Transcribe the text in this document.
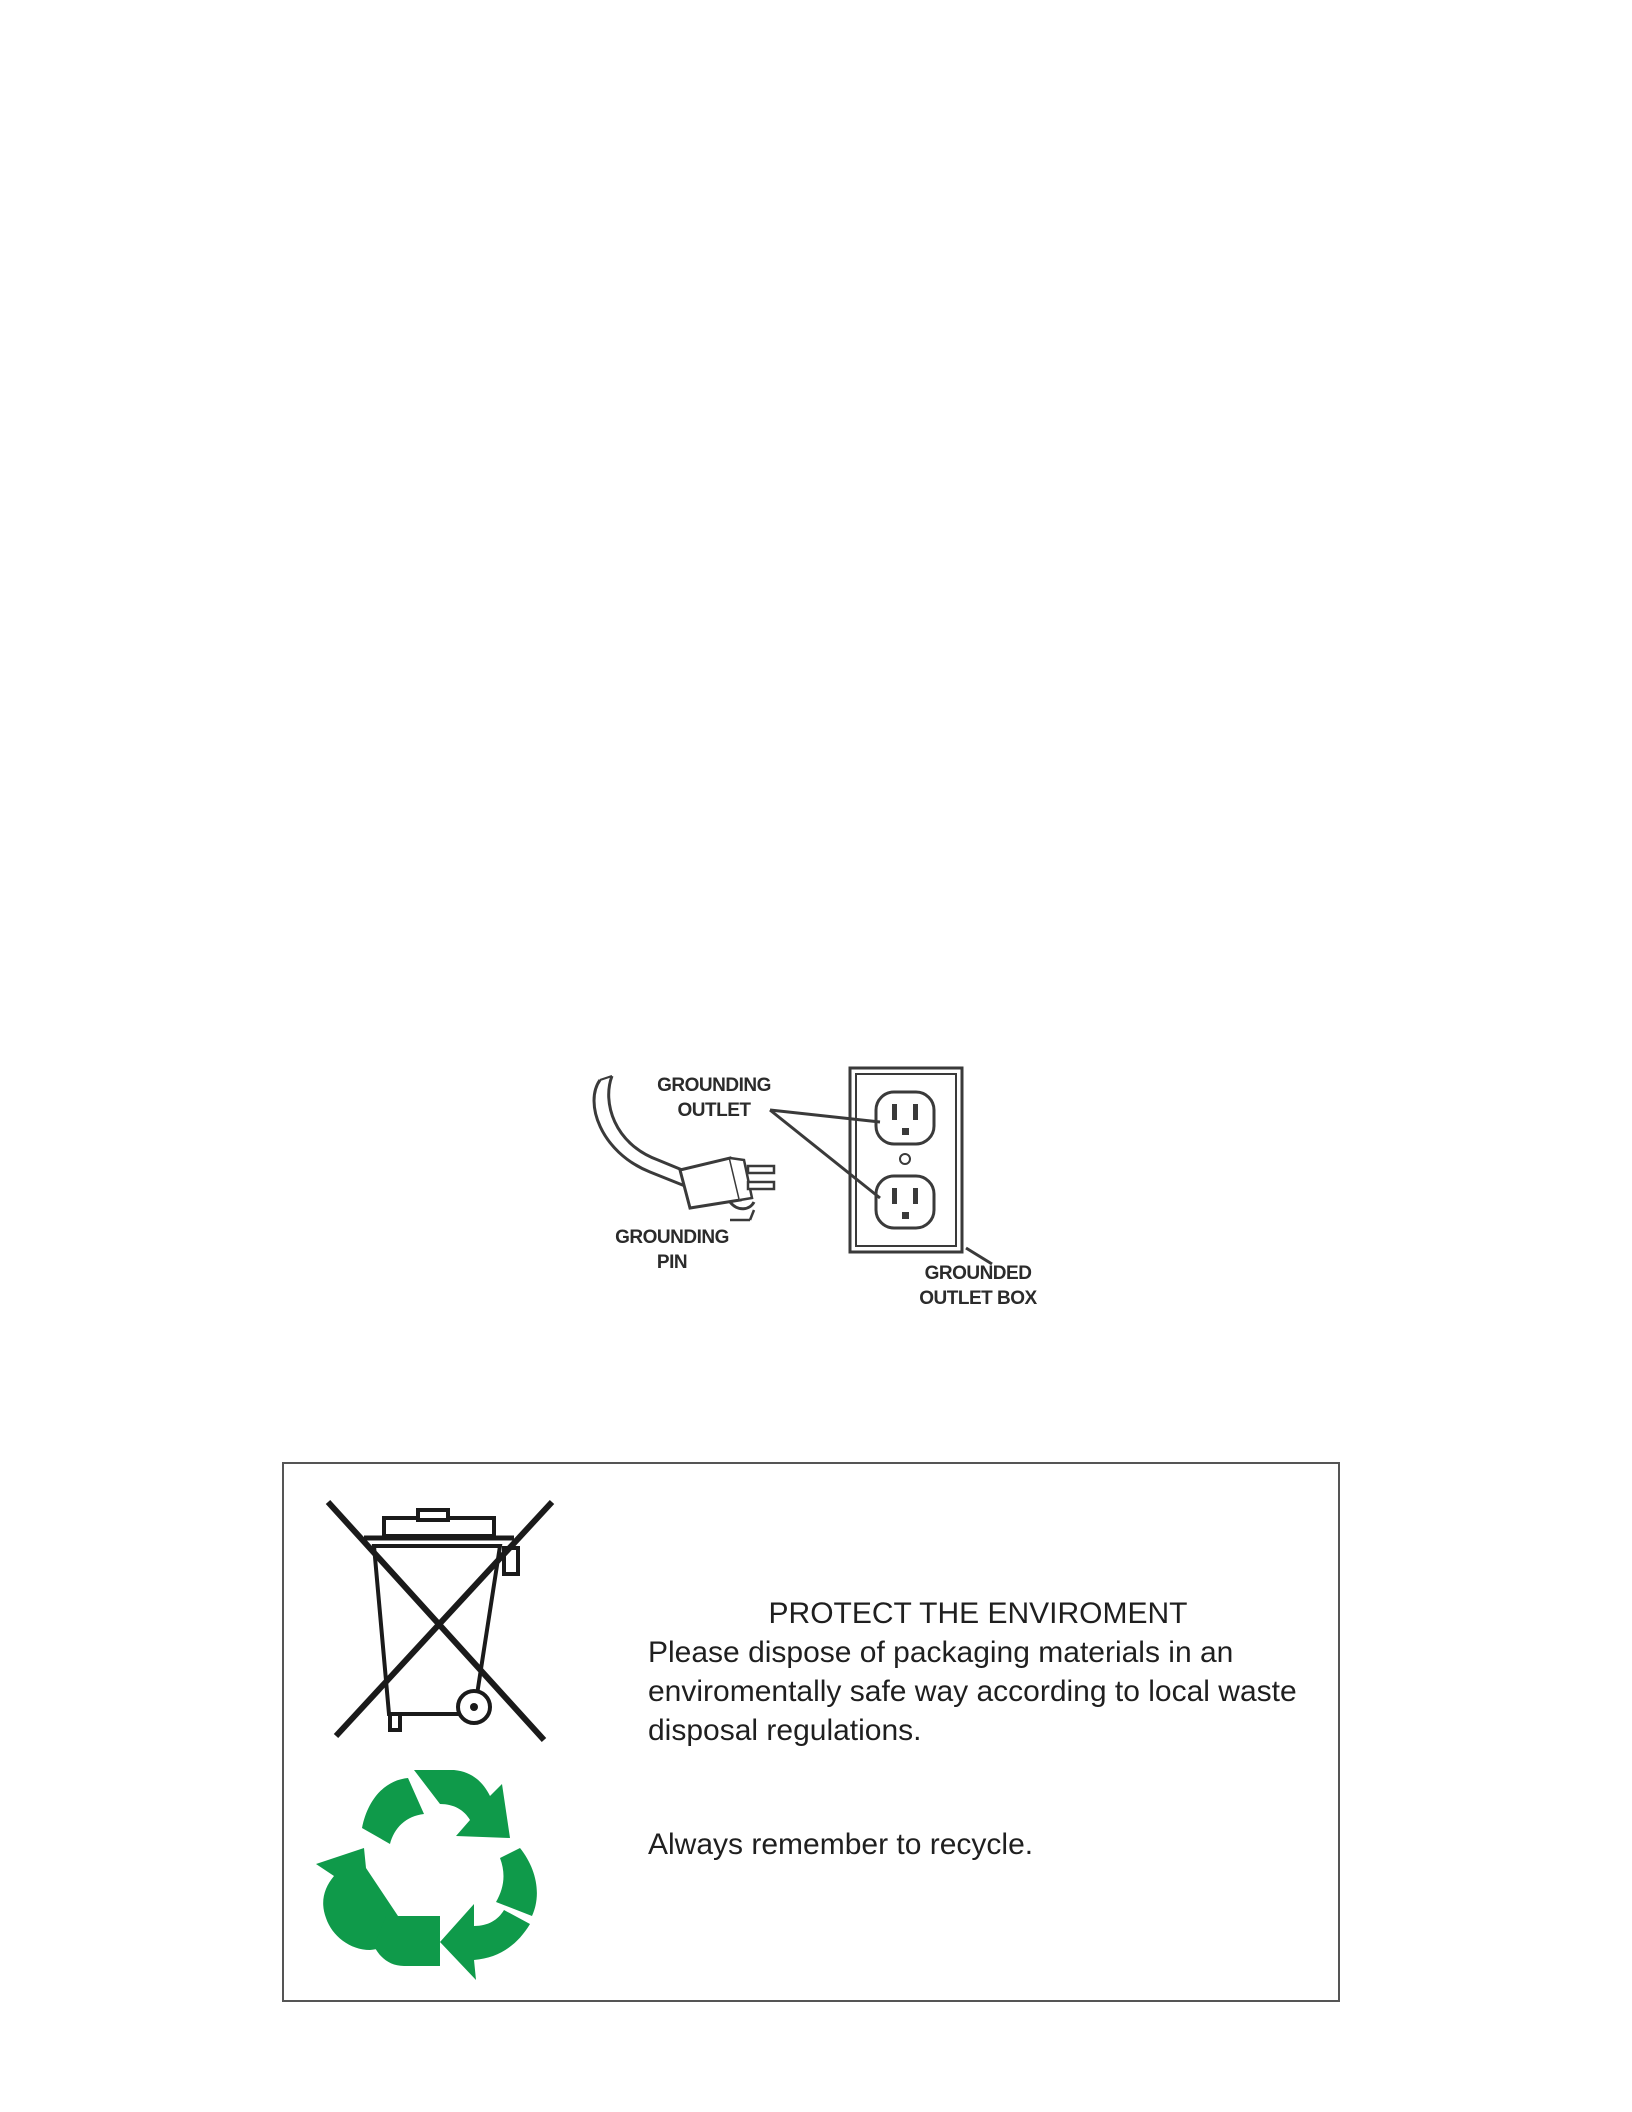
GROUNDING
OUTLET
GROUNDING
PIN
GROUNDED
OUTLET BOX
PROTECT THE ENVIROMENT
Please dispose of packaging materials in an enviromentally safe way according to local waste disposal regulations.
Always remember to recycle.
